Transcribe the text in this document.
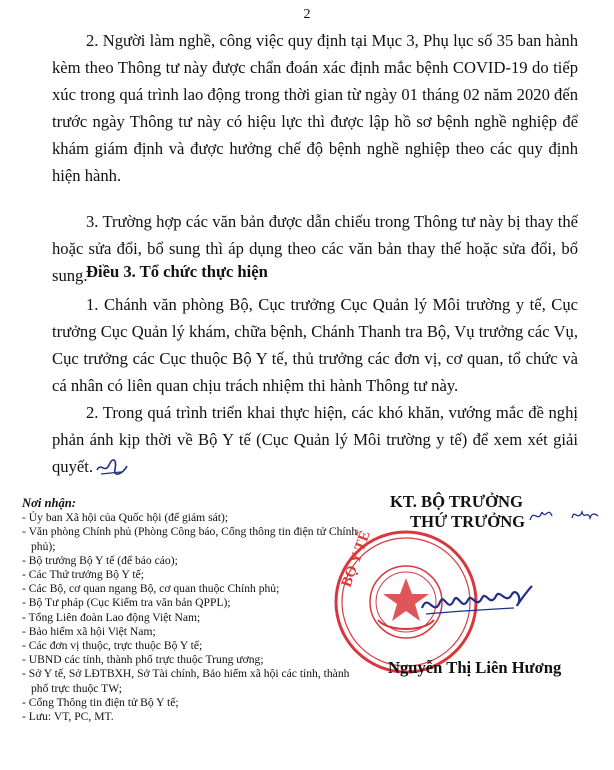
2

2. Người làm nghề, công việc quy định tại Mục 3, Phụ lục số 35 ban hành kèm theo Thông tư này được chẩn đoán xác định mắc bệnh COVID-19 do tiếp xúc trong quá trình lao động trong thời gian từ ngày 01 tháng 02 năm 2020 đến trước ngày Thông tư này có hiệu lực thì được lập hồ sơ bệnh nghề nghiệp để khám giám định và được hưởng chế độ bệnh nghề nghiệp theo các quy định hiện hành.

3. Trường hợp các văn bản được dẫn chiếu trong Thông tư này bị thay thế hoặc sửa đổi, bổ sung thì áp dụng theo các văn bản thay thế hoặc sửa đổi, bổ sung.

Điều 3. Tổ chức thực hiện

1. Chánh văn phòng Bộ, Cục trưởng Cục Quản lý Môi trường y tế, Cục trưởng Cục Quản lý khám, chữa bệnh, Chánh Thanh tra Bộ, Vụ trưởng các Vụ, Cục trưởng các Cục thuộc Bộ Y tế, thủ trưởng các đơn vị, cơ quan, tổ chức và cá nhân có liên quan chịu trách nhiệm thi hành Thông tư này.

2. Trong quá trình triển khai thực hiện, các khó khăn, vướng mắc đề nghị phản ánh kịp thời về Bộ Y tế (Cục Quản lý Môi trường y tế) để xem xét giải quyết.

Nơi nhận:
- Ủy ban Xã hội của Quốc hội (để giám sát);
- Văn phòng Chính phủ (Phòng Công báo, Cổng thông tin điện tử Chính phủ);
- Bộ trưởng Bộ Y tế (để báo cáo);
- Các Thứ trưởng Bộ Y tế;
- Các Bộ, cơ quan ngang Bộ, cơ quan thuộc Chính phủ;
- Bộ Tư pháp (Cục Kiểm tra văn bản QPPL);
- Tổng Liên đoàn Lao động Việt Nam;
- Bảo hiểm xã hội Việt Nam;
- Các đơn vị thuộc, trực thuộc Bộ Y tế;
- UBND các tỉnh, thành phố trực thuộc Trung ương;
- Sở Y tế, Sở LĐTBXH, Sở Tài chính, Bảo hiểm xã hội các tỉnh, thành phố trực thuộc TW;
- Cổng Thông tin điện tử Bộ Y tế;
- Lưu: VT, PC, MT.
KT. BỘ TRƯỞNG
THỨ TRƯỞNG
BỘ Y TẾ
Nguyễn Thị Liên Hương
